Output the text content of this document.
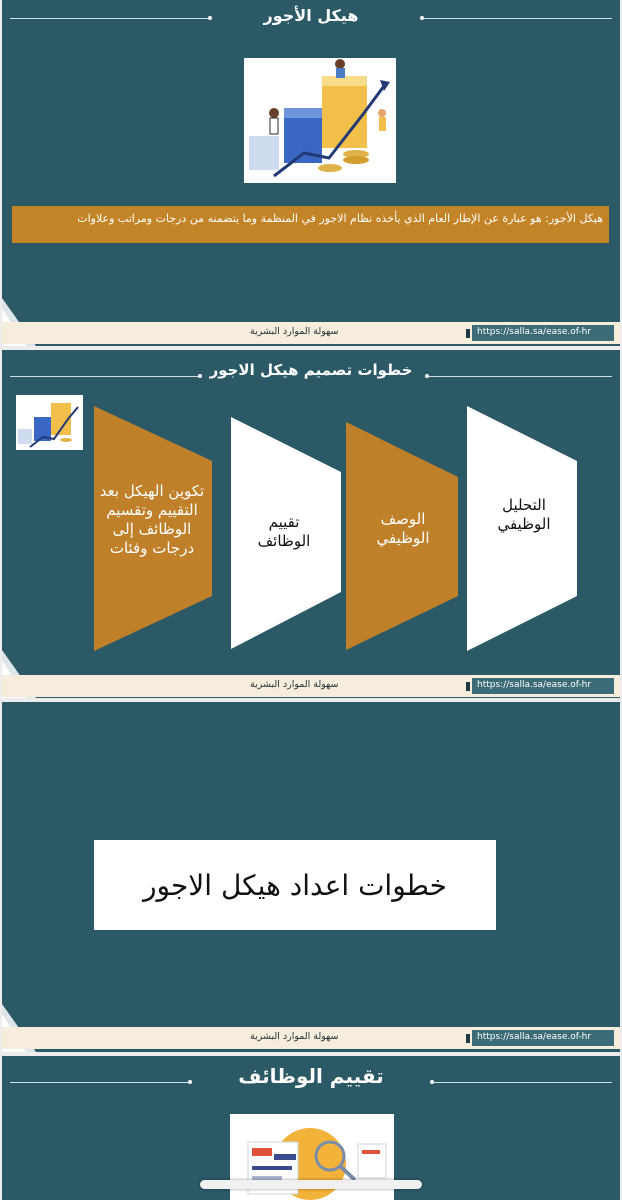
هيكل الأجور
هيكل الأجور: هو عبارة عن الإطار العام الذي يأخذه نظام الاجور في المنظمة وما يتضمنه من درجات ومراتب وعلاوات
سهولة الموارد البشرية	https://salla.sa/ease.of-hr
خطوات تصميم هيكل الاجور
تكوين الهيكل بعد التقييم وتقسيم الوظائف إلى درجات وفئات
تقييم الوظائف
الوصف الوظيفي
التحليل الوظيفي
سهولة الموارد البشرية	https://salla.sa/ease.of-hr
خطوات اعداد هيكل الاجور
سهولة الموارد البشرية	https://salla.sa/ease.of-hr
تقييم الوظائف
